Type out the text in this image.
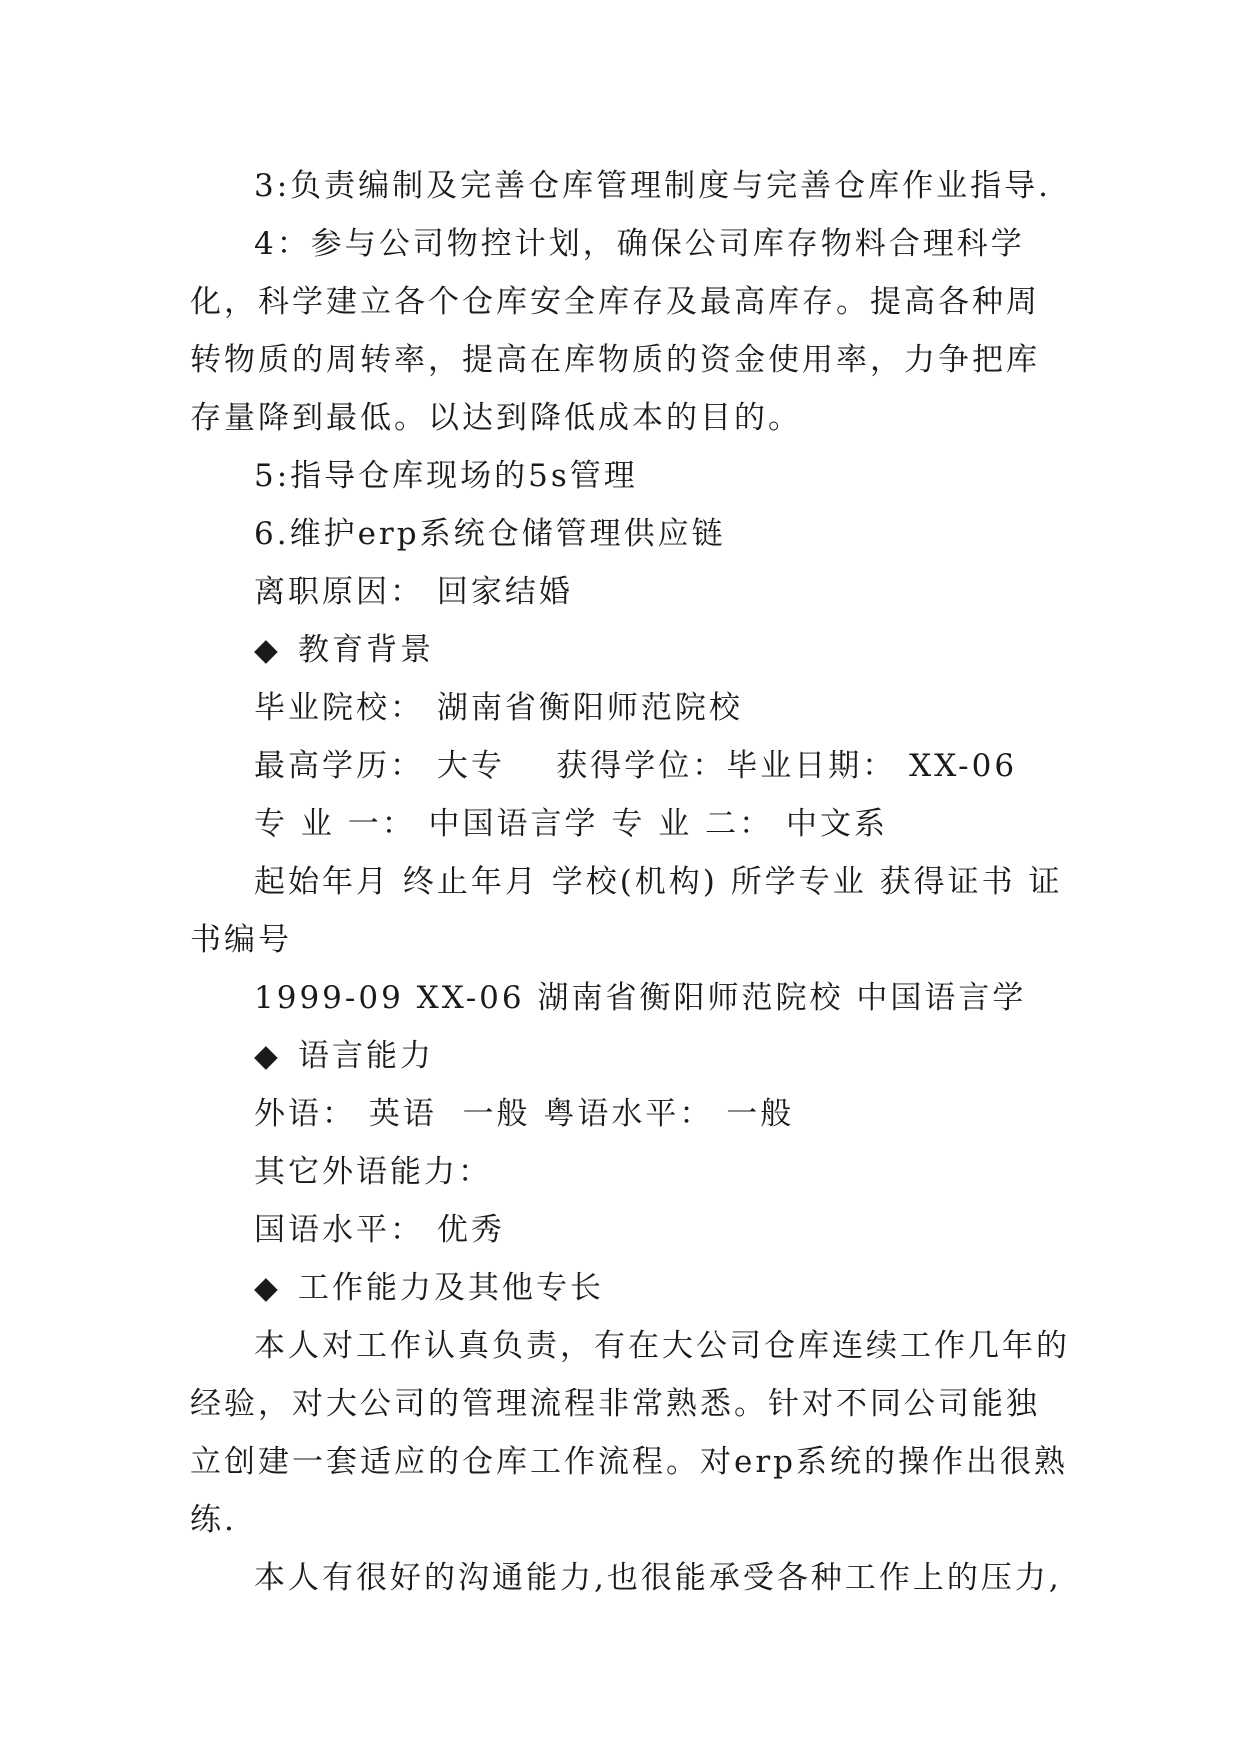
3:负责编制及完善仓库管理制度与完善仓库作业指导.

4：参与公司物控计划，确保公司库存物料合理科学化，科学建立各个仓库安全库存及最高库存。提高各种周转物质的周转率，提高在库物质的资金使用率，力争把库存量降到最低。以达到降低成本的目的。

5:指导仓库现场的5s管理

6.维护erp系统仓储管理供应链

离职原因： 回家结婚

◆ 教育背景

毕业院校： 湖南省衡阳师范院校

最高学历： 大专    获得学位：毕业日期： XX-06

专 业 一： 中国语言学 专 业 二： 中文系

起始年月 终止年月 学校(机构) 所学专业 获得证书 证书编号

1999-09 XX-06 湖南省衡阳师范院校 中国语言学

◆ 语言能力

外语： 英语  一般 粤语水平： 一般

其它外语能力：

国语水平： 优秀

◆ 工作能力及其他专长

本人对工作认真负责，有在大公司仓库连续工作几年的经验，对大公司的管理流程非常熟悉。针对不同公司能独立创建一套适应的仓库工作流程。对erp系统的操作出很熟练.

本人有很好的沟通能力,也很能承受各种工作上的压力,
